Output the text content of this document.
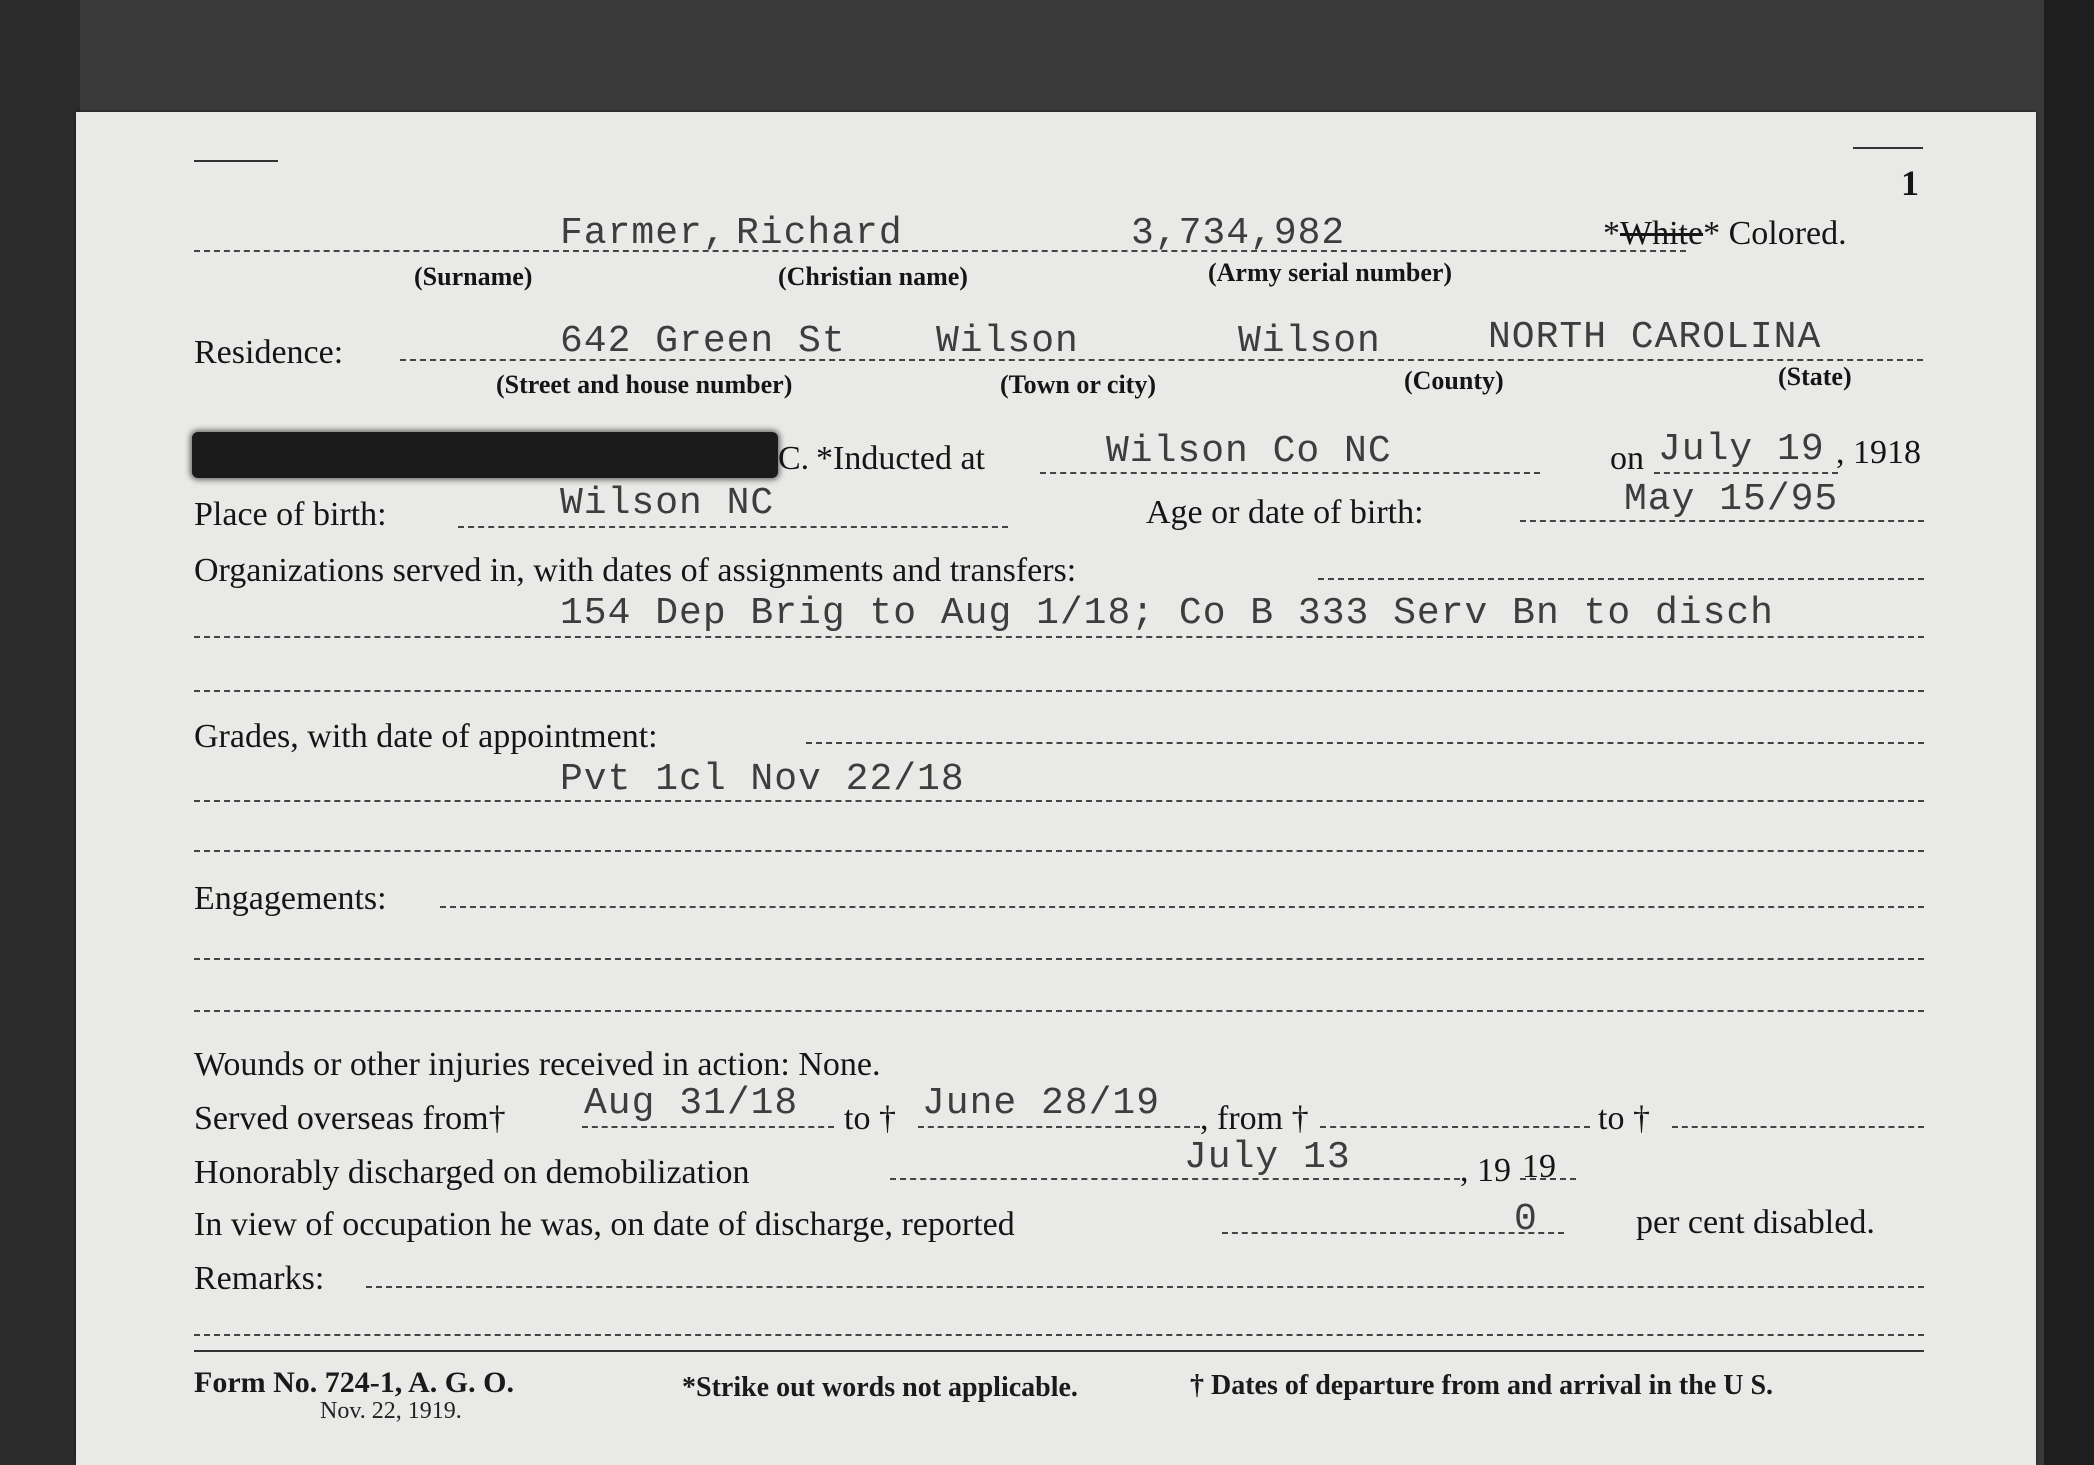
1
Farmer, Richard	3,734,982	*White* Colored.
(Surname)	(Christian name)	(Army serial number)
Residence:	642 Green St Wilson	Wilson	NORTH CAROLINA
(Street and house number)	(Town or city)	(County)	(State)
C. *Inducted at	Wilson Co NC	on July 19 , 1918
Place of birth:	Wilson NC	Age or date of birth:	May 15/95
Organizations served in, with dates of assignments and transfers:
154 Dep Brig to Aug 1/18; Co B 333 Serv Bn to disch
Grades, with date of appointment:
Pvt 1cl Nov 22/18
Engagements:
Wounds or other injuries received in action: None.
Served overseas from† Aug 31/18 to † June 28/19 , from †	to †
Honorably discharged on demobilization	July 13	, 19 19
In view of occupation he was, on date of discharge, reported	0	per cent disabled.
Remarks:
Form No. 724-1, A. G. O.
Nov. 22, 1919.
*Strike out words not applicable.	† Dates of departure from and arrival in the U S.
